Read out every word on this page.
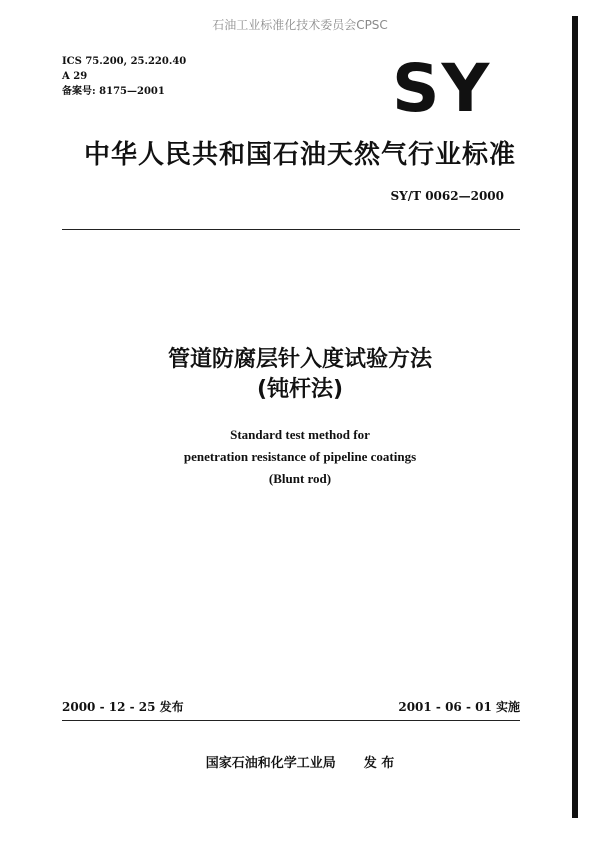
石油工业标准化技术委员会CPSC
ICS 75.200, 25.220.40
A 29
备案号: 8175—2001	SY
中华人民共和国石油天然气行业标准
SY/T 0062—2000
管道防腐层针入度试验方法
(钝杆法)
Standard test method for
penetration resistance of pipeline coatings
(Blunt rod)
2000 - 12 - 25 发布	2001 - 06 - 01 实施
国家石油和化学工业局 发 布
